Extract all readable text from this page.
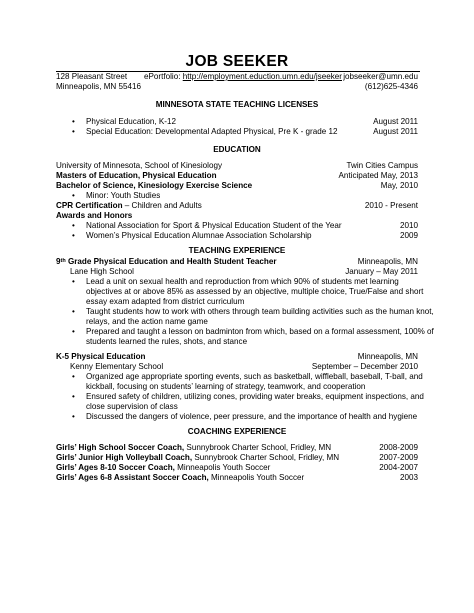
JOB SEEKER
128 Pleasant Street
Minneapolis, MN 55416
ePortfolio: http://employment.eduction.umn.edu/jseeker jobseeker@umn.edu
(612)625-4346
MINNESOTA STATE TEACHING LICENSES
• Physical Education, K-12	August 2011
• Special Education: Developmental Adapted Physical, Pre K - grade 12	August 2011
EDUCATION
University of Minnesota, School of Kinesiology	Twin Cities Campus
Masters of Education, Physical Education	Anticipated May, 2013
Bachelor of Science, Kinesiology Exercise Science	May, 2010
• Minor: Youth Studies
CPR Certification – Children and Adults	2010 - Present
Awards and Honors
• National Association for Sport & Physical Education Student of the Year	2010
• Women’s Physical Education Alumnae Association Scholarship	2009
TEACHING EXPERIENCE
9th Grade Physical Education and Health Student Teacher	Minneapolis, MN
Lane High School	January – May 2011
• Lead a unit on sexual health and reproduction from which 90% of students met learning
objectives at or above 85% as assessed by an objective, multiple choice, True/False and short
essay exam adapted from district curriculum
• Taught students how to work with others through team building activities such as the human knot,
relays, and the action name game
• Prepared and taught a lesson on badminton from which, based on a formal assessment, 100% of
students learned the rules, shots, and stance
K-5 Physical Education	Minneapolis, MN
Kenny Elementary School	September – December 2010
• Organized age appropriate sporting events, such as basketball, wiffleball, baseball, T-ball, and
kickball, focusing on students’ learning of strategy, teamwork, and cooperation
• Ensured safety of children, utilizing cones, providing water breaks, equipment inspections, and
close supervision of class
• Discussed the dangers of violence, peer pressure, and the importance of health and hygiene
COACHING EXPERIENCE
Girls’ High School Soccer Coach, Sunnybrook Charter School, Fridley, MN	2008-2009
Girls’ Junior High Volleyball Coach, Sunnybrook Charter School, Fridley, MN	2007-2009
Girls’ Ages 8-10 Soccer Coach, Minneapolis Youth Soccer	2004-2007
Girls’ Ages 6-8 Assistant Soccer Coach, Minneapolis Youth Soccer	2003
